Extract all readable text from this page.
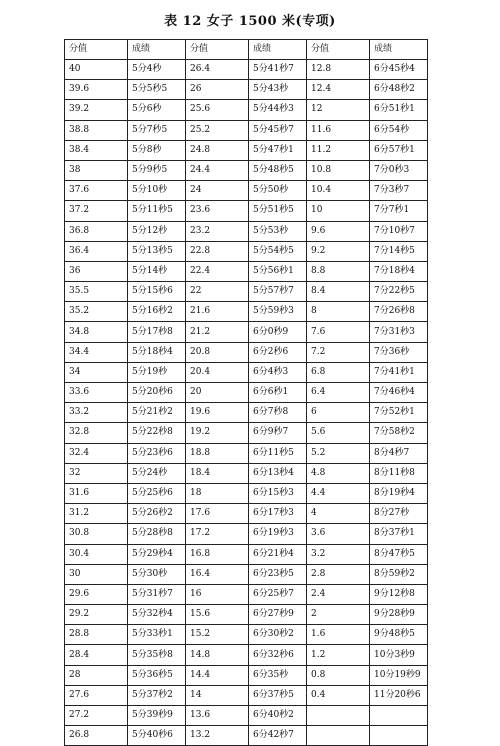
表 12 女子 1500 米(专项)
分值	成绩	分值	成绩	分值	成绩
40	5分4秒	26.4	5分41秒7	12.8	6分45秒4
39.6	5分5秒5	26	5分43秒	12.4	6分48秒2
39.2	5分6秒	25.6	5分44秒3	12	6分51秒1
38.8	5分7秒5	25.2	5分45秒7	11.6	6分54秒
38.4	5分8秒	24.8	5分47秒1	11.2	6分57秒1
38	5分9秒5	24.4	5分48秒5	10.8	7分0秒3
37.6	5分10秒	24	5分50秒	10.4	7分3秒7
37.2	5分11秒5	23.6	5分51秒5	10	7分7秒1
36.8	5分12秒	23.2	5分53秒	9.6	7分10秒7
36.4	5分13秒5	22.8	5分54秒5	9.2	7分14秒5
36	5分14秒	22.4	5分56秒1	8.8	7分18秒4
35.5	5分15秒6	22	5分57秒7	8.4	7分22秒5
35.2	5分16秒2	21.6	5分59秒3	8	7分26秒8
34.8	5分17秒8	21.2	6分0秒9	7.6	7分31秒3
34.4	5分18秒4	20.8	6分2秒6	7.2	7分36秒
34	5分19秒	20.4	6分4秒3	6.8	7分41秒1
33.6	5分20秒6	20	6分6秒1	6.4	7分46秒4
33.2	5分21秒2	19.6	6分7秒8	6	7分52秒1
32.8	5分22秒8	19.2	6分9秒7	5.6	7分58秒2
32.4	5分23秒6	18.8	6分11秒5	5.2	8分4秒7
32	5分24秒	18.4	6分13秒4	4.8	8分11秒8
31.6	5分25秒6	18	6分15秒3	4.4	8分19秒4
31.2	5分26秒2	17.6	6分17秒3	4	8分27秒
30.8	5分28秒8	17.2	6分19秒3	3.6	8分37秒1
30.4	5分29秒4	16.8	6分21秒4	3.2	8分47秒5
30	5分30秒	16.4	6分23秒5	2.8	8分59秒2
29.6	5分31秒7	16	6分25秒7	2.4	9分12秒8
29.2	5分32秒4	15.6	6分27秒9	2	9分28秒9
28.8	5分33秒1	15.2	6分30秒2	1.6	9分48秒5
28.4	5分35秒8	14.8	6分32秒6	1.2	10分3秒9
28	5分36秒5	14.4	6分35秒	0.8	10分19秒9
27.6	5分37秒2	14	6分37秒5	0.4	11分20秒6
27.2	5分39秒9	13.6	6分40秒2		
26.8	5分40秒6	13.2	6分42秒7		
